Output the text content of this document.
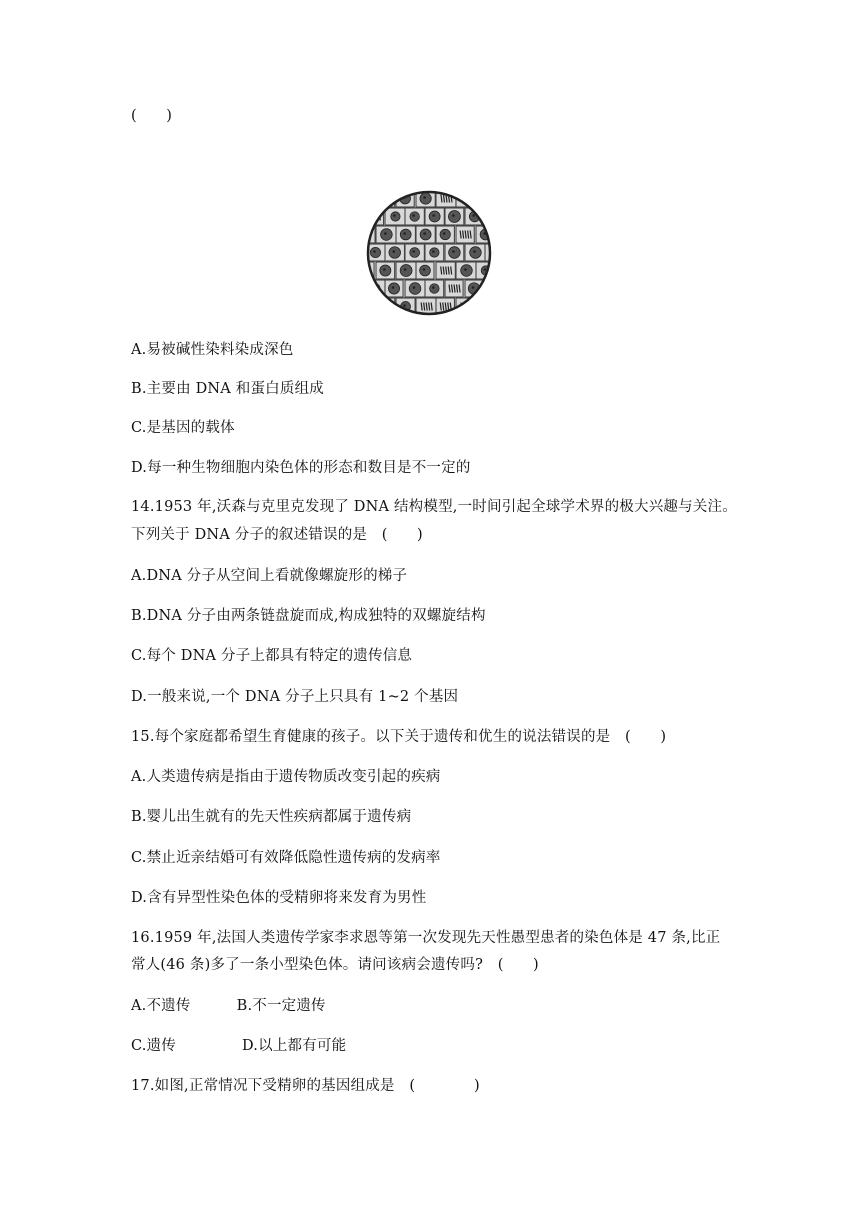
(　　)
A.易被碱性染料染成深色
B.主要由 DNA 和蛋白质组成
C.是基因的载体
D.每一种生物细胞内染色体的形态和数目是不一定的
14.1953 年,沃森与克里克发现了 DNA 结构模型,一时间引起全球学术界的极大兴趣与关注。
下列关于 DNA 分子的叙述错误的是　(　　)
A.DNA 分子从空间上看就像螺旋形的梯子
B.DNA 分子由两条链盘旋而成,构成独特的双螺旋结构
C.每个 DNA 分子上都具有特定的遗传信息
D.一般来说,一个 DNA 分子上只具有 1~2 个基因
15.每个家庭都希望生育健康的孩子。以下关于遗传和优生的说法错误的是　(　　)
A.人类遗传病是指由于遗传物质改变引起的疾病
B.婴儿出生就有的先天性疾病都属于遗传病
C.禁止近亲结婚可有效降低隐性遗传病的发病率
D.含有异型性染色体的受精卵将来发育为男性
16.1959 年,法国人类遗传学家李求恩等第一次发现先天性愚型患者的染色体是 47 条,比正
常人(46 条)多了一条小型染色体。请问该病会遗传吗?　(　　)
A.不遗传	B.不一定遗传
C.遗传	D.以上都有可能
17.如图,正常情况下受精卵的基因组成是　(　　　　)
